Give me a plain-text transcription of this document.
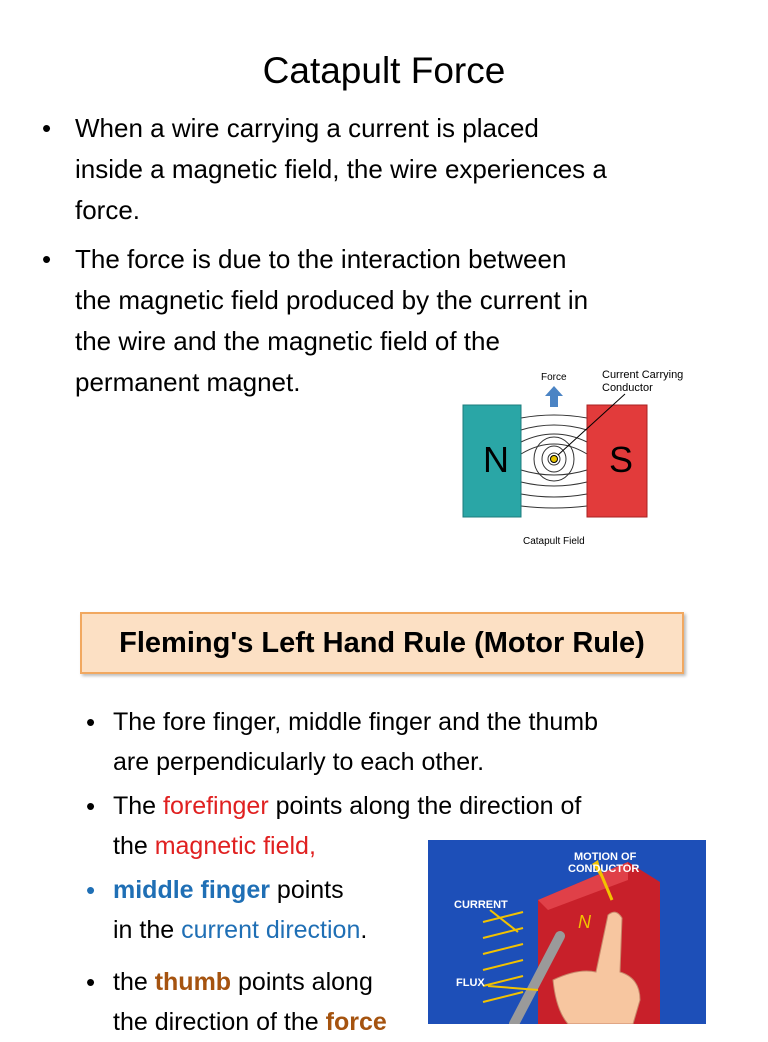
Catapult Force
• When a wire carrying a current is placed
inside a magnetic field, the wire experiences a
force.
• The force is due to the interaction between
the magnetic field produced by the current in
the wire and the magnetic field of the
permanent magnet.
N	S
Force	Current Carrying
Conductor
Catapult Field
Fleming's Left Hand Rule (Motor Rule)
• The fore finger, middle finger and the thumb
are perpendicularly to each other.
• The forefinger points along the direction of
the magnetic field,
• middle finger points
in the current direction.
• the thumb points along
the direction of the force
N
MOTION OF
CONDUCTOR
CURRENT
FLUX
